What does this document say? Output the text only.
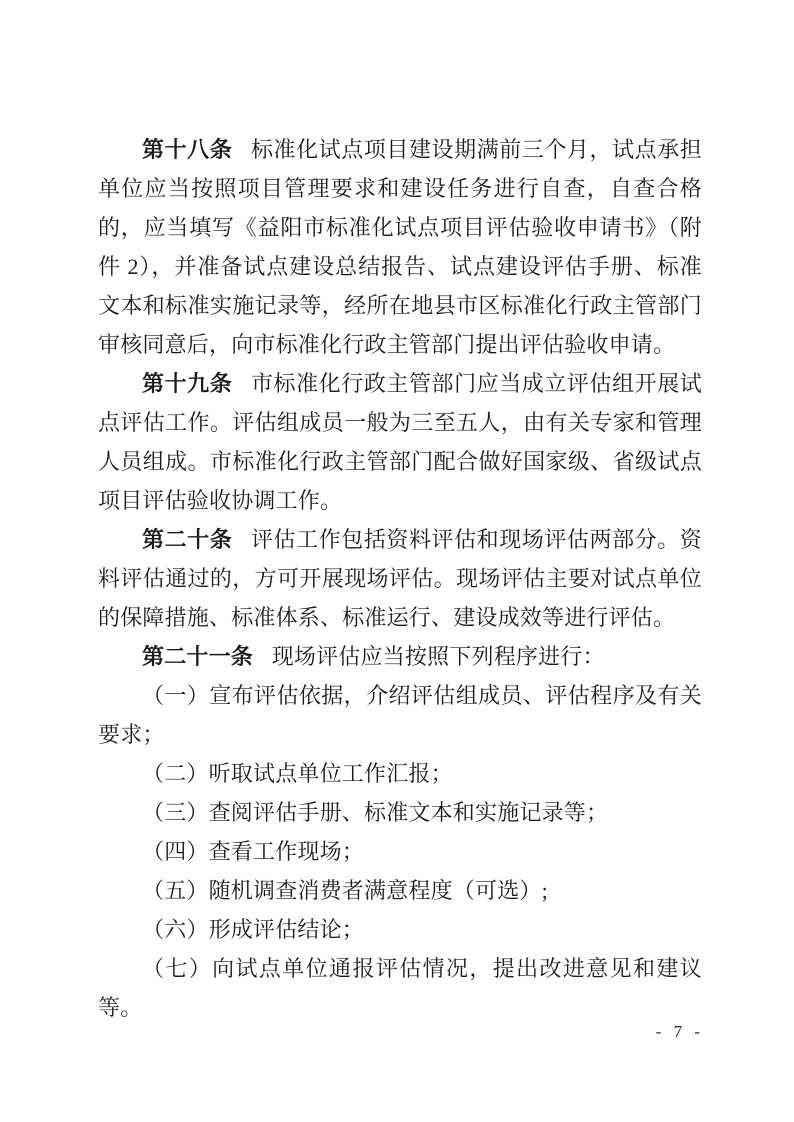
第十八条 标准化试点项目建设期满前三个月，试点承担单位应当按照项目管理要求和建设任务进行自查，自查合格的，应当填写《益阳市标准化试点项目评估验收申请书》（附件 2），并准备试点建设总结报告、试点建设评估手册、标准文本和标准实施记录等，经所在地县市区标准化行政主管部门审核同意后，向市标准化行政主管部门提出评估验收申请。

第十九条 市标准化行政主管部门应当成立评估组开展试点评估工作。评估组成员一般为三至五人，由有关专家和管理人员组成。市标准化行政主管部门配合做好国家级、省级试点项目评估验收协调工作。

第二十条 评估工作包括资料评估和现场评估两部分。资料评估通过的，方可开展现场评估。现场评估主要对试点单位的保障措施、标准体系、标准运行、建设成效等进行评估。

第二十一条 现场评估应当按照下列程序进行：

（一）宣布评估依据，介绍评估组成员、评估程序及有关要求；

（二）听取试点单位工作汇报；

（三）查阅评估手册、标准文本和实施记录等；

（四）查看工作现场；

（五）随机调查消费者满意程度（可选）;

（六）形成评估结论；

（七）向试点单位通报评估情况，提出改进意见和建议等。

- 7 -
